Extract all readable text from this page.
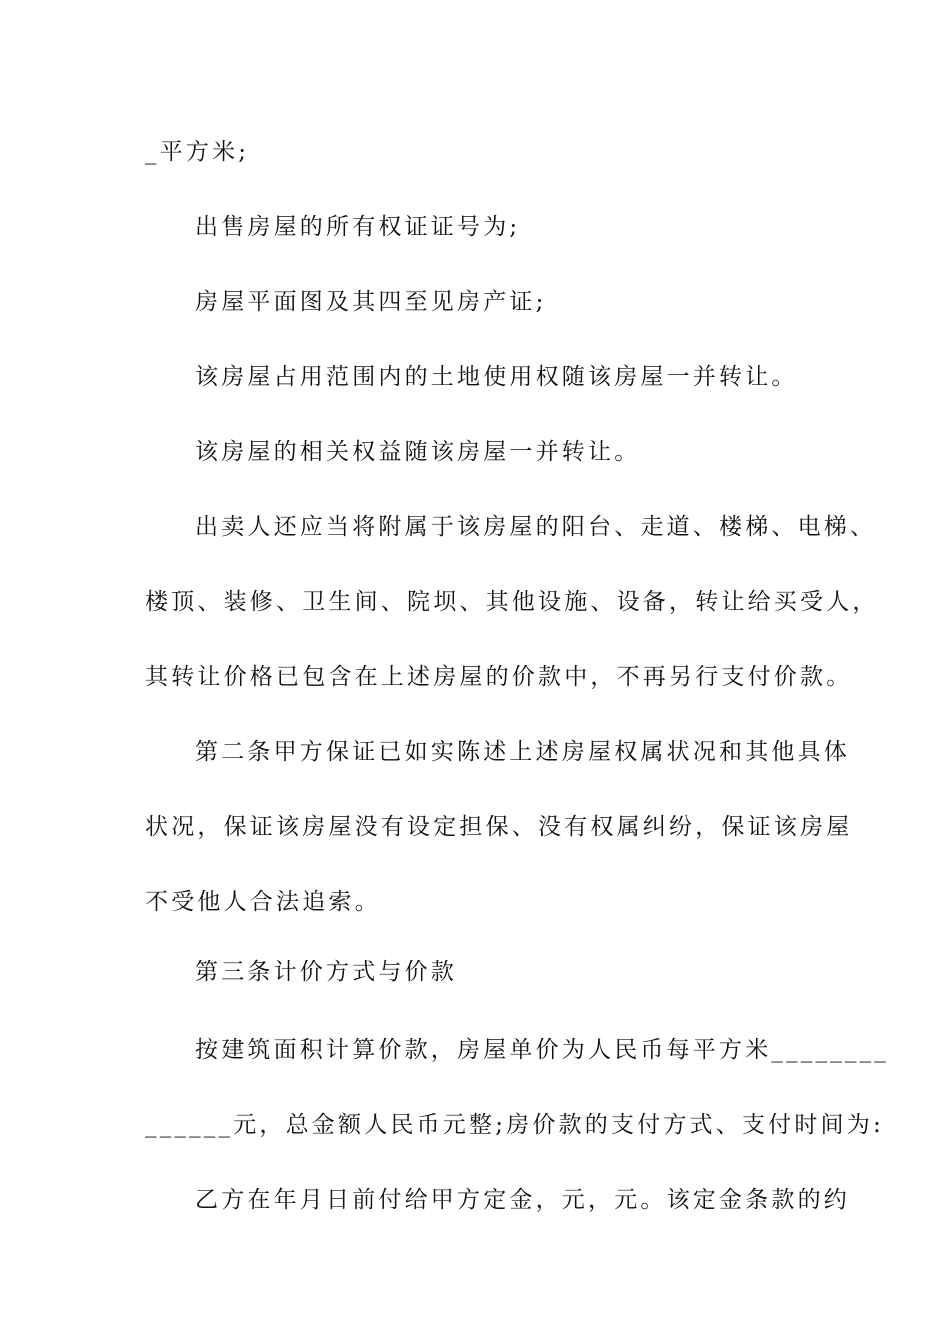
_平方米;
出售房屋的所有权证证号为;
房屋平面图及其四至见房产证;
该房屋占用范围内的土地使用权随该房屋一并转让。
该房屋的相关权益随该房屋一并转让。
出卖人还应当将附属于该房屋的阳台、走道、楼梯、电梯、
楼顶、装修、卫生间、院坝、其他设施、设备，转让给买受人，
其转让价格已包含在上述房屋的价款中，不再另行支付价款。
第二条甲方保证已如实陈述上述房屋权属状况和其他具体
状况，保证该房屋没有设定担保、没有权属纠纷，保证该房屋
不受他人合法追索。
第三条计价方式与价款
按建筑面积计算价款，房屋单价为人民币每平方米________
______元，总金额人民币元整;房价款的支付方式、支付时间为:
乙方在年月日前付给甲方定金，元，元。该定金条款的约
